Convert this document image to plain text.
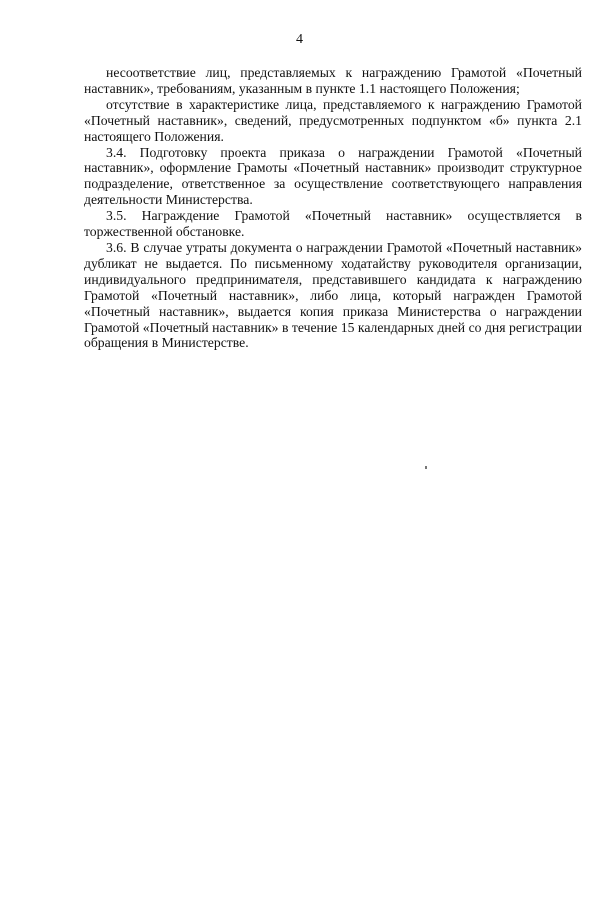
4

несоответствие лиц, представляемых к награждению Грамотой «Почетный наставник», требованиям, указанным в пункте 1.1 настоящего Положения;

отсутствие в характеристике лица, представляемого к награждению Грамотой «Почетный наставник», сведений, предусмотренных подпунктом «б» пункта 2.1 настоящего Положения.

3.4. Подготовку проекта приказа о награждении Грамотой «Почетный наставник», оформление Грамоты «Почетный наставник» производит структурное подразделение, ответственное за осуществление соответствующего направления деятельности Министерства.

3.5. Награждение Грамотой «Почетный наставник» осуществляется в торжественной обстановке.

3.6. В случае утраты документа о награждении Грамотой «Почетный наставник» дубликат не выдается. По письменному ходатайству руководителя организации, индивидуального предпринимателя, представившего кандидата к награждению Грамотой «Почетный наставник», либо лица, который награжден Грамотой «Почетный наставник», выдается копия приказа Министерства о награждении Грамотой «Почетный наставник» в течение 15 календарных дней со дня регистрации обращения в Министерстве.
